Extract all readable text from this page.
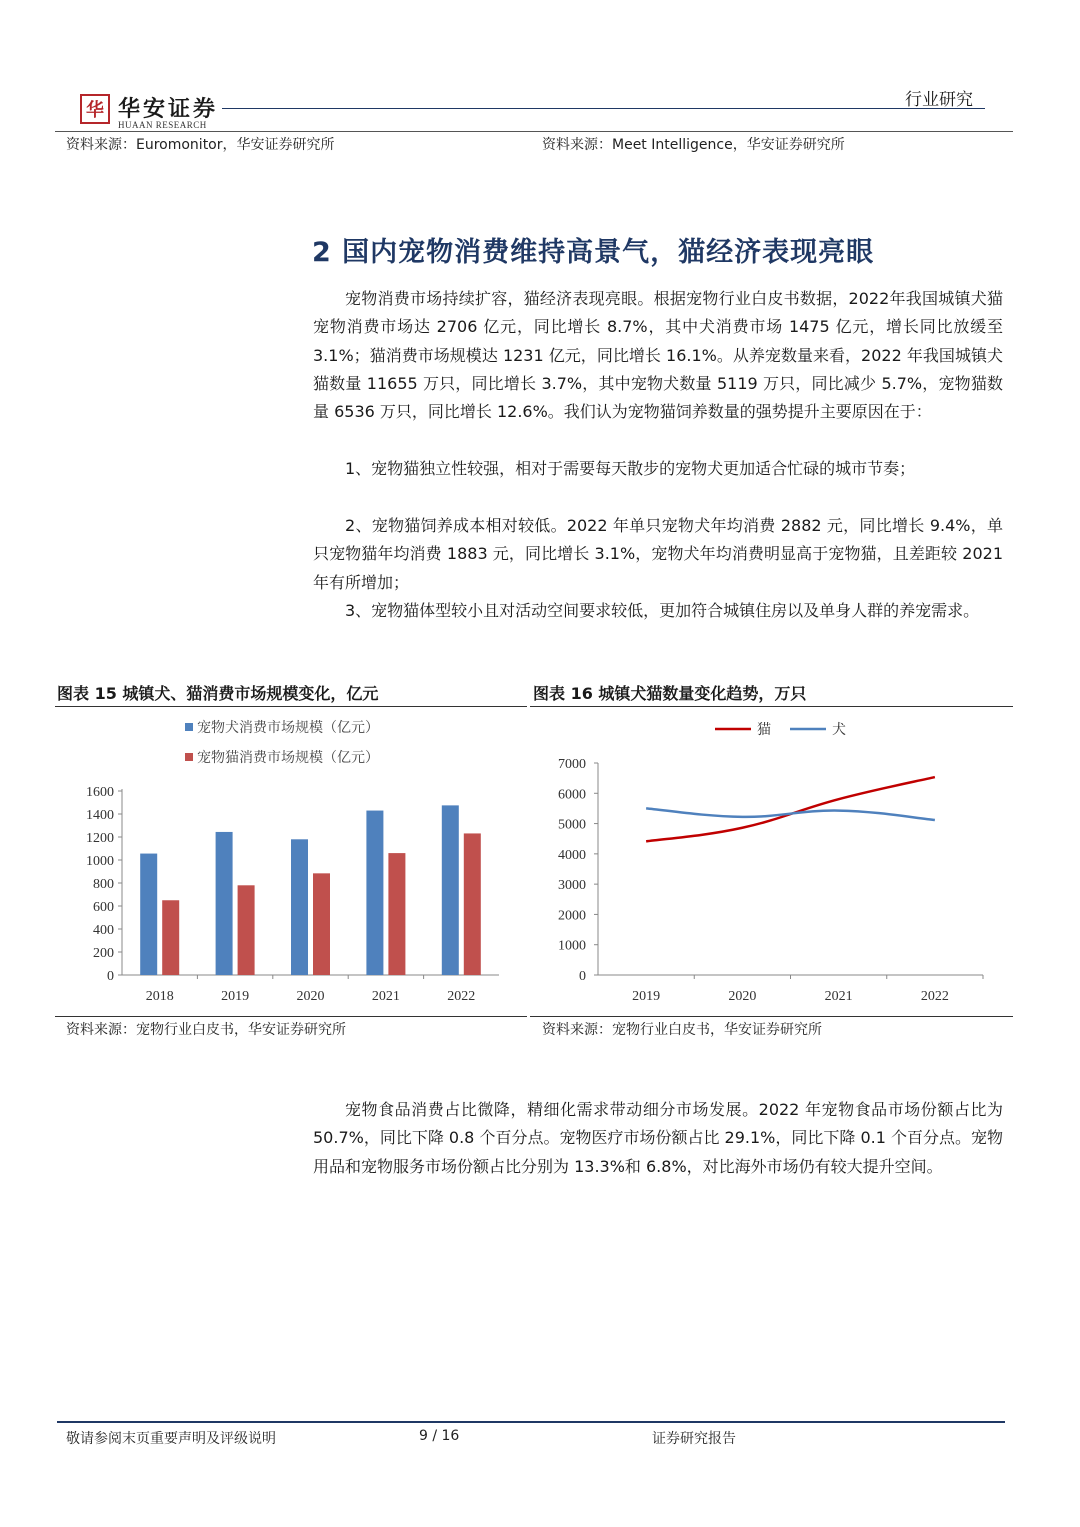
华 华安证券
HUAAN RESEARCH
行业研究
资料来源：Euromonitor，华安证券研究所	资料来源：Meet Intelligence，华安证券研究所
2 国内宠物消费维持高景气，猫经济表现亮眼
宠物消费市场持续扩容，猫经济表现亮眼。根据宠物行业白皮书数据，2022年我国城镇犬猫宠物消费市场达 2706 亿元，同比增长 8.7%，其中犬消费市场 1475 亿元，增长同比放缓至 3.1%；猫消费市场规模达 1231 亿元，同比增长 16.1%。从养宠数量来看，2022 年我国城镇犬猫数量 11655 万只，同比增长 3.7%，其中宠物犬数量 5119 万只，同比减少 5.7%，宠物猫数量 6536 万只，同比增长 12.6%。我们认为宠物猫饲养数量的强势提升主要原因在于：
1、宠物猫独立性较强，相对于需要每天散步的宠物犬更加适合忙碌的城市节奏；
2、宠物猫饲养成本相对较低。2022 年单只宠物犬年均消费 2882 元，同比增长 9.4%，单只宠物猫年均消费 1883 元，同比增长 3.1%，宠物犬年均消费明显高于宠物猫，且差距较 2021 年有所增加；
3、宠物猫体型较小且对活动空间要求较低，更加符合城镇住房以及单身人群的养宠需求。
图表 15 城镇犬、猫消费市场规模变化，亿元
宠物犬消费市场规模（亿元）
宠物猫消费市场规模（亿元）
0
200
400
600
800
1000
1200
1400
1600
2018	2019	2020	2021	2022
资料来源：宠物行业白皮书，华安证券研究所
图表 16 城镇犬猫数量变化趋势，万只
猫	犬
0
1000
2000
3000
4000
5000
6000
7000
2019	2020	2021	2022
资料来源：宠物行业白皮书，华安证券研究所
宠物食品消费占比微降，精细化需求带动细分市场发展。2022 年宠物食品市场份额占比为 50.7%，同比下降 0.8 个百分点。宠物医疗市场份额占比 29.1%，同比下降 0.1 个百分点。宠物用品和宠物服务市场份额占比分别为 13.3%和 6.8%，对比海外市场仍有较大提升空间。
敬请参阅末页重要声明及评级说明	9 / 16	证券研究报告
